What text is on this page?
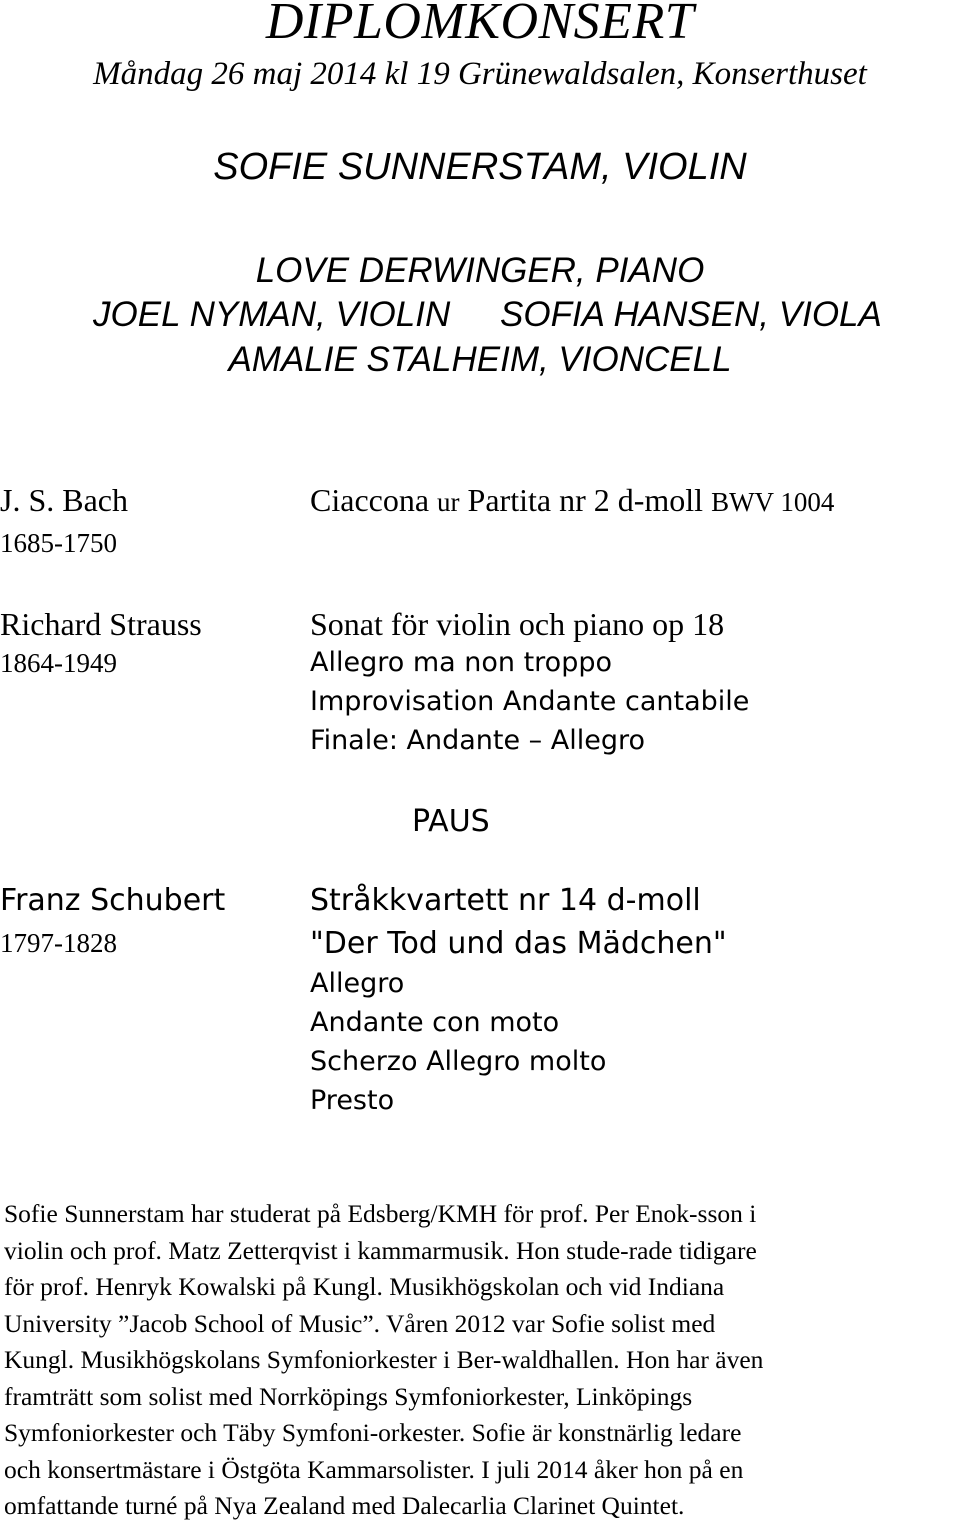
DIPLOMKONSERT
Måndag 26 maj 2014 kl 19 Grünewaldsalen, Konserthuset
SOFIE SUNNERSTAM, VIOLIN
LOVE DERWINGER, PIANO
JOEL NYMAN, VIOLIN SOFIA HANSEN, VIOLA
AMALIE STALHEIM, VIONCELL
J. S. Bach
1685-1750
Ciaccona ur Partita nr 2 d-moll BWV 1004
Richard Strauss
1864-1949
Sonat för violin och piano op 18
Allegro ma non troppo
Improvisation Andante cantabile
Finale: Andante – Allegro
PAUS
Franz Schubert
1797-1828
Stråkkvartett nr 14 d-moll
"Der Tod und das Mädchen"
Allegro
Andante con moto
Scherzo Allegro molto
Presto
Sofie Sunnerstam har studerat på Edsberg/KMH för prof. Per Enok-sson i
violin och prof. Matz Zetterqvist i kammarmusik. Hon stude-rade tidigare
för prof. Henryk Kowalski på Kungl. Musikhögskolan och vid Indiana
University ”Jacob School of Music”. Våren 2012 var Sofie solist med
Kungl. Musikhögskolans Symfoniorkester i Ber-waldhallen. Hon har även
framträtt som solist med Norrköpings Symfoniorkester, Linköpings
Symfoniorkester och Täby Symfoni-orkester. Sofie är konstnärlig ledare
och konsertmästare i Östgöta Kammarsolister. I juli 2014 åker hon på en
omfattande turné på Nya Zealand med Dalecarlia Clarinet Quintet.
